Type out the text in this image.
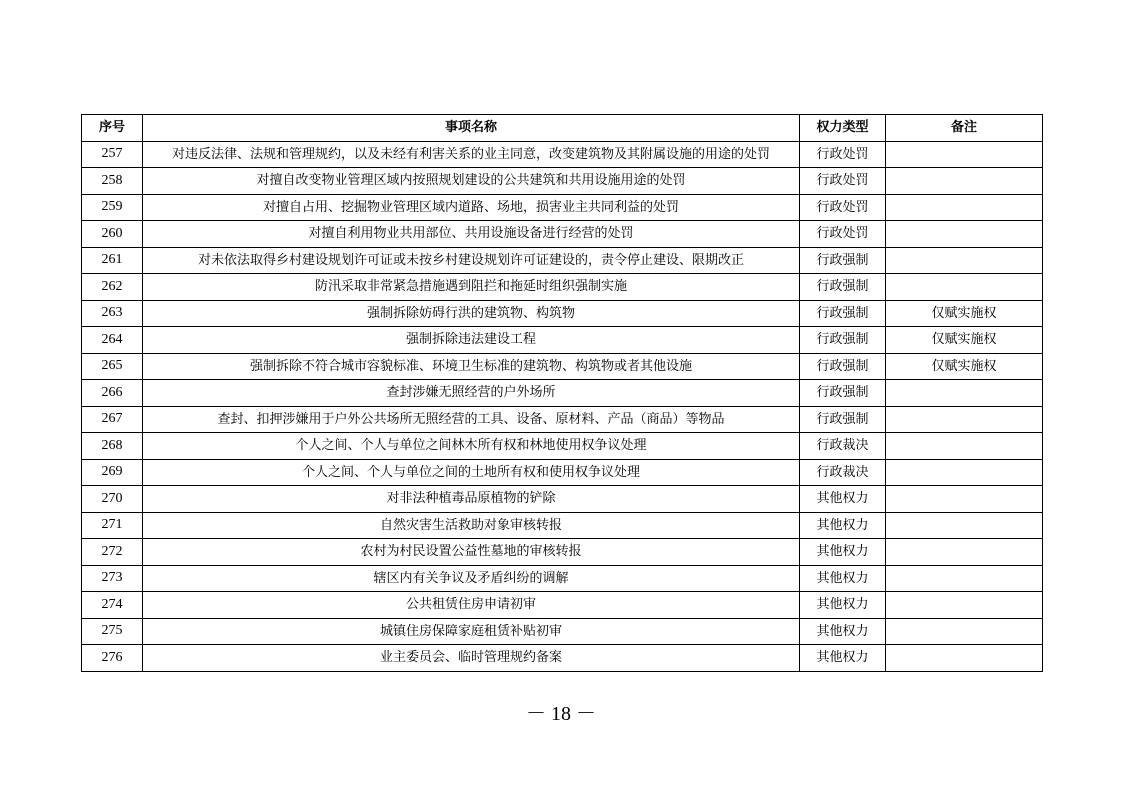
序号	事项名称	权力类型	备注
257	对违反法律、法规和管理规约，以及未经有利害关系的业主同意，改变建筑物及其附属设施的用途的处罚	行政处罚	
258	对擅自改变物业管理区域内按照规划建设的公共建筑和共用设施用途的处罚	行政处罚	
259	对擅自占用、挖掘物业管理区域内道路、场地，损害业主共同利益的处罚	行政处罚	
260	对擅自利用物业共用部位、共用设施设备进行经营的处罚	行政处罚	
261	对未依法取得乡村建设规划许可证或未按乡村建设规划许可证建设的，责令停止建设、限期改正	行政强制	
262	防汛采取非常紧急措施遇到阻拦和拖延时组织强制实施	行政强制	
263	强制拆除妨碍行洪的建筑物、构筑物	行政强制	仅赋实施权
264	强制拆除违法建设工程	行政强制	仅赋实施权
265	强制拆除不符合城市容貌标准、环境卫生标准的建筑物、构筑物或者其他设施	行政强制	仅赋实施权
266	查封涉嫌无照经营的户外场所	行政强制	
267	查封、扣押涉嫌用于户外公共场所无照经营的工具、设备、原材料、产品（商品）等物品	行政强制	
268	个人之间、个人与单位之间林木所有权和林地使用权争议处理	行政裁决	
269	个人之间、个人与单位之间的土地所有权和使用权争议处理	行政裁决	
270	对非法种植毒品原植物的铲除	其他权力	
271	自然灾害生活救助对象审核转报	其他权力	
272	农村为村民设置公益性墓地的审核转报	其他权力	
273	辖区内有关争议及矛盾纠纷的调解	其他权力	
274	公共租赁住房申请初审	其他权力	
275	城镇住房保障家庭租赁补贴初审	其他权力	
276	业主委员会、临时管理规约备案	其他权力	
－ 18 －
